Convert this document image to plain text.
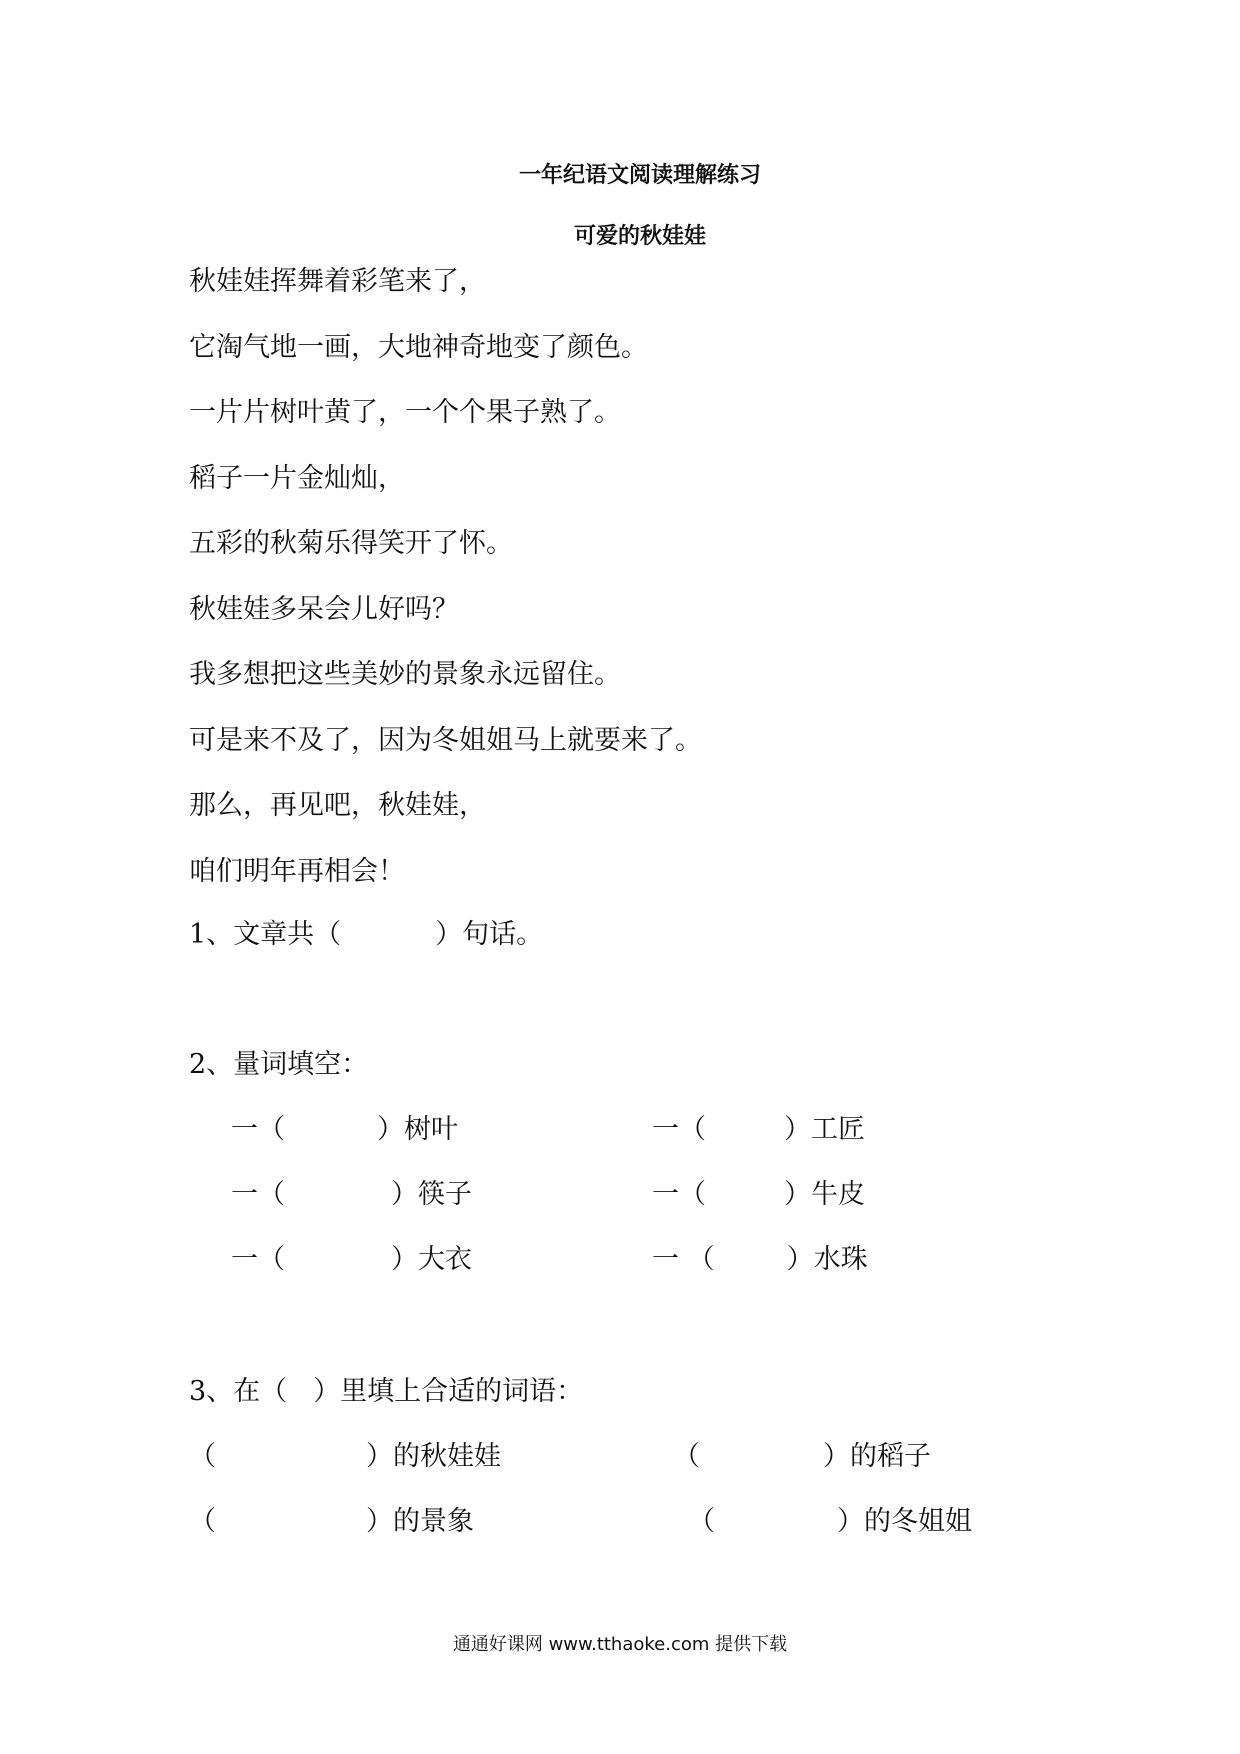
一年纪语文阅读理解练习
可爱的秋娃娃
秋娃娃挥舞着彩笔来了，
它淘气地一画，大地神奇地变了颜色。
一片片树叶黄了，一个个果子熟了。
稻子一片金灿灿，
五彩的秋菊乐得笑开了怀。
秋娃娃多呆会儿好吗？
我多想把这些美妙的景象永远留住。
可是来不及了，因为冬姐姐马上就要来了。
那么，再见吧，秋娃娃，
咱们明年再相会！
1、文章共（	）句话。
2、量词填空：
一（	）树叶	一（	）工匠
一（	）筷子	一（	）牛皮
一（	）大衣	一 （	）水珠
3、在（ ）里填上合适的词语：
（	）的秋娃娃	（	）的稻子
（	）的景象	（	）的冬姐姐
通通好课网 www.tthaoke.com 提供下载
